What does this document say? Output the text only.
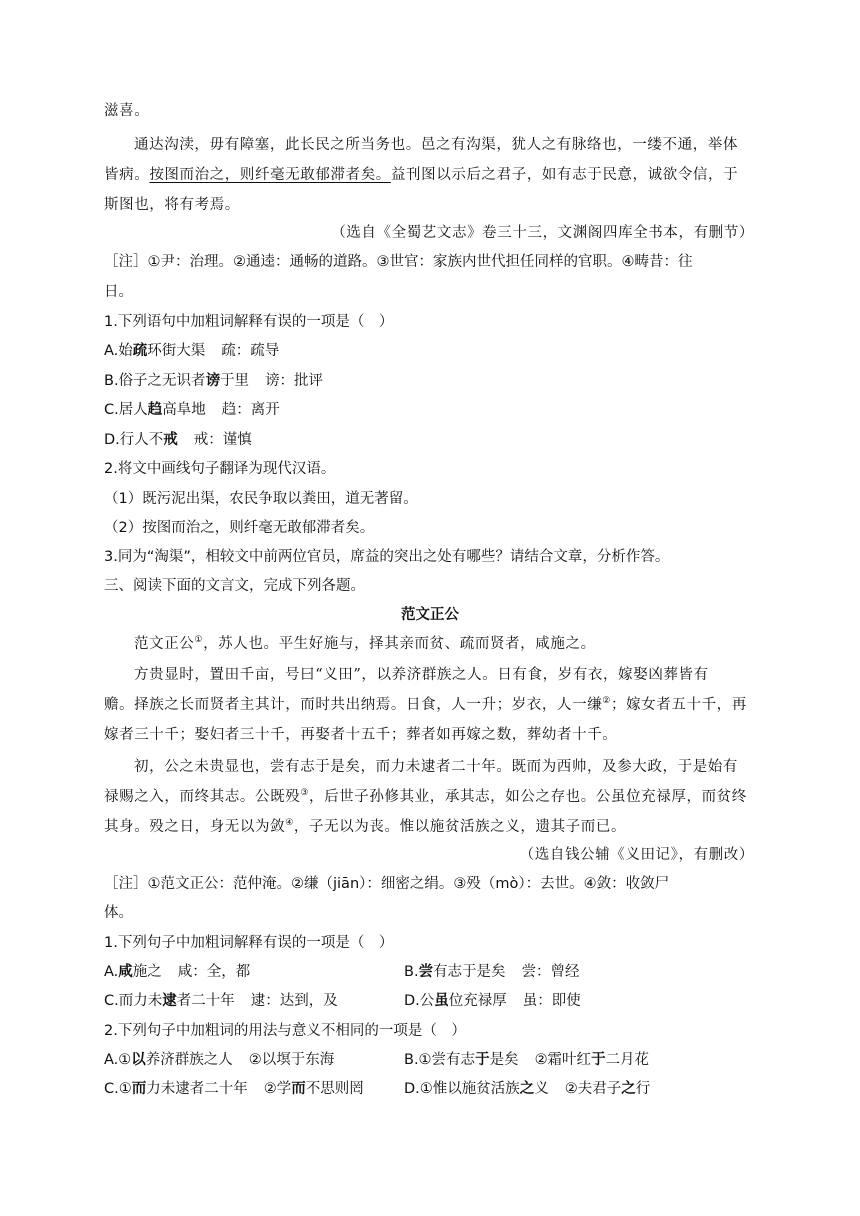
滋喜。
通达沟渎，毋有障塞，此长民之所当务也。邑之有沟渠，犹人之有脉络也，一缕不通，举体
皆病。按图而治之，则纤毫无敢郁滞者矣。益刊图以示后之君子，如有志于民意，诚欲令信，于
斯图也，将有考焉。
（选自《全蜀艺文志》卷三十三，文渊阁四库全书本，有删节）
［注］①尹：治理。②通逵：通畅的道路。③世官：家族内世代担任同样的官职。④畴昔：往
日。
1.下列语句中加粗词解释有误的一项是（　）
A.始疏环街大渠 疏：疏导
B.俗子之无识者谤于里 谤：批评
C.居人趋高阜地 趋：离开
D.行人不戒 戒：谨慎
2.将文中画线句子翻译为现代汉语。
（1）既污泥出渠，农民争取以粪田，道无著留。
（2）按图而治之，则纤毫无敢郁滞者矣。
3.同为“淘渠”，相较文中前两位官员，席益的突出之处有哪些？请结合文章，分析作答。
三、阅读下面的文言文，完成下列各题。
范文正公
范文正公①，苏人也。平生好施与，择其亲而贫、疏而贤者，咸施之。
方贵显时，置田千亩，号曰“义田”，以养济群族之人。日有食，岁有衣，嫁娶凶葬皆有
赡。择族之长而贤者主其计，而时共出纳焉。日食，人一升；岁衣，人一缣②；嫁女者五十千，再
嫁者三十千；娶妇者三十千，再娶者十五千；葬者如再嫁之数，葬幼者十千。
初，公之未贵显也，尝有志于是矣，而力未逮者二十年。既而为西帅，及参大政，于是始有
禄赐之入，而终其志。公既殁③，后世子孙修其业，承其志，如公之存也。公虽位充禄厚，而贫终
其身。殁之日，身无以为敛④，子无以为丧。惟以施贫活族之义，遗其子而已。
（选自钱公辅《义田记》，有删改）
［注］①范文正公：范仲淹。②缣（jiān）：细密之绢。③殁（mò）：去世。④敛：收敛尸
体。
1.下列句子中加粗词解释有误的一项是（　）
A.咸施之 咸：全，都	B.尝有志于是矣 尝：曾经
C.而力未逮者二十年 逮：达到，及	D.公虽位充禄厚 虽：即使
2.下列句子中加粗词的用法与意义不相同的一项是（　）
A.①以养济群族之人 ②以塓于东海	B.①尝有志于是矣 ②霜叶红于二月花
C.①而力未逮者二十年 ②学而不思则罔	D.①惟以施贫活族之义 ②夫君子之行
